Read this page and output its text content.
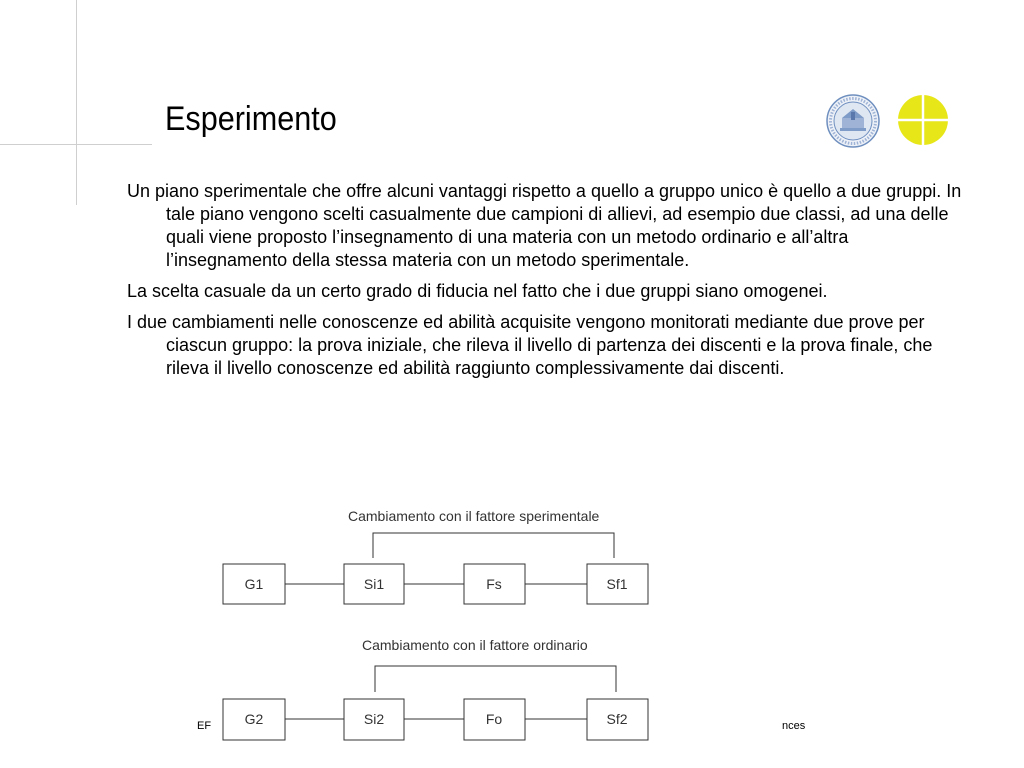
Esperimento

Un piano sperimentale che offre alcuni vantaggi rispetto a quello a gruppo unico è quello a due gruppi. In tale piano vengono scelti casualmente due campioni di allievi, ad esempio due classi, ad una delle quali viene proposto l’insegnamento di una materia con un metodo ordinario e all’altra l’insegnamento della stessa materia con un metodo sperimentale.

La scelta casuale da un certo grado di fiducia nel fatto che i due gruppi siano omogenei.

I due cambiamenti nelle conoscenze ed abilità acquisite vengono monitorati mediante due prove per ciascun gruppo: la prova iniziale, che rileva il livello di partenza dei discenti e la prova finale, che rileva il livello conoscenze ed abilità raggiunto complessivamente dai discenti.

Cambiamento con il fattore sperimentale
G1	Si1	Fs	Sf1
Cambiamento con il fattore ordinario
G2	Si2	Fo	Sf2
EF	nces
